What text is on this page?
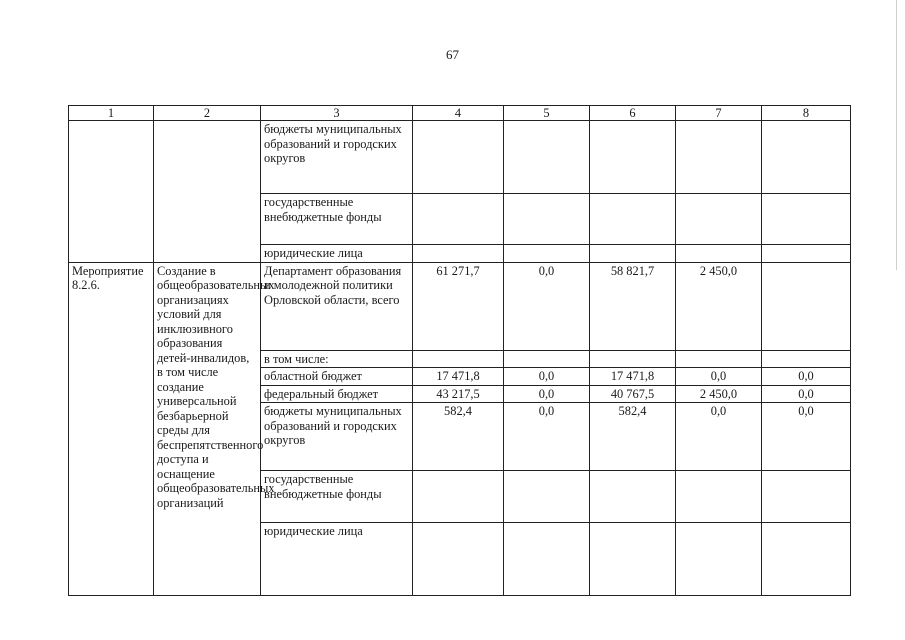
67
1	2	3	4	5	6	7	8
		бюджеты муниципальных образований и городских округов					
		государственные внебюджетные фонды					
		юридические лица					
Мероприятие 8.2.6.	Создание в общеобразовательных организациях условий для инклюзивного образования детей-инвалидов, в том числе создание универсальной безбарьерной среды для беспрепятственного доступа и оснащение общеобразовательных организаций	Департамент образования и молодежной политики Орловской области, всего	61 271,7	0,0	58 821,7	2 450,0	
		в том числе:					
		областной бюджет	17 471,8	0,0	17 471,8	0,0	0,0
		федеральный бюджет	43 217,5	0,0	40 767,5	2 450,0	0,0
		бюджеты муниципальных образований и городских округов	582,4	0,0	582,4	0,0	0,0
		государственные внебюджетные фонды					
		юридические лица					
